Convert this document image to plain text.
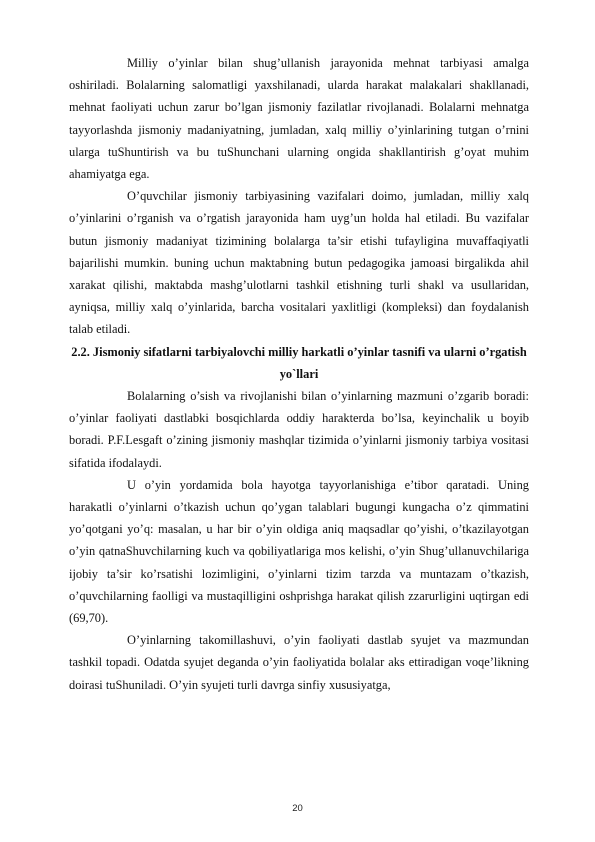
Milliy o’yinlar bilan shug’ullanish jarayonida mehnat tarbiyasi amalga oshiriladi. Bolalarning salomatligi yaxshilanadi, ularda harakat malakalari shakllanadi, mehnat faoliyati uchun zarur bo’lgan jismoniy fazilatlar rivojlanadi. Bolalarni mehnatga tayyorlashda jismoniy madaniyatning, jumladan, xalq milliy o’yinlarining tutgan o’rnini ularga tuShuntirish va bu tuShunchani ularning ongida shakllantirish g’oyat muhim ahamiyatga ega.

O’quvchilar jismoniy tarbiyasining vazifalari doimo, jumladan, milliy xalq o’yinlarini o’rganish va o’rgatish jarayonida ham uyg’un holda hal etiladi. Bu vazifalar butun jismoniy madaniyat tizimining bolalarga ta’sir etishi tufayligina muvaffaqiyatli bajarilishi mumkin. buning uchun maktabning butun pedagogika jamoasi birgalikda ahil xarakat qilishi, maktabda mashg’ulotlarni tashkil etishning turli shakl va usullaridan, ayniqsa, milliy xalq o’yinlarida, barcha vositalari yaxlitligi (kompleksi) dan foydalanish talab etiladi.

2.2. Jismoniy sifatlarni tarbiyalovchi milliy harkatli o’yinlar tasnifi va ularni o’rgatish yo`llari

Bolalarning o’sish va rivojlanishi bilan o’yinlarning mazmuni o’zgarib boradi: o’yinlar faoliyati dastlabki bosqichlarda oddiy harakterda bo’lsa, keyinchalik u boyib boradi. P.F.Lesgaft o’zining jismoniy mashqlar tizimida o’yinlarni jismoniy tarbiya vositasi sifatida ifodalaydi.

U o’yin yordamida bola hayotga tayyorlanishiga e’tibor qaratadi. Uning harakatli o’yinlarni o’tkazish uchun qo’ygan talablari bugungi kungacha o’z qimmatini yo’qotgani yo’q: masalan, u har bir o’yin oldiga aniq maqsadlar qo’yishi, o’tkazilayotgan o’yin qatnaShuvchilarning kuch va qobiliyatlariga mos kelishi, o’yin Shug’ullanuvchilariga ijobiy ta’sir ko’rsatishi lozimligini, o’yinlarni tizim tarzda va muntazam o’tkazish, o’quvchilarning faolligi va mustaqilligini oshprishga harakat qilish zzarurligini uqtirgan edi (69,70).

O’yinlarning takomillashuvi, o’yin faoliyati dastlab syujet va mazmundan tashkil topadi. Odatda syujet deganda o’yin faoliyatida bolalar aks ettiradigan voqe’likning doirasi tuShuniladi. O’yin syujeti turli davrga sinfiy xususiyatga,

20
